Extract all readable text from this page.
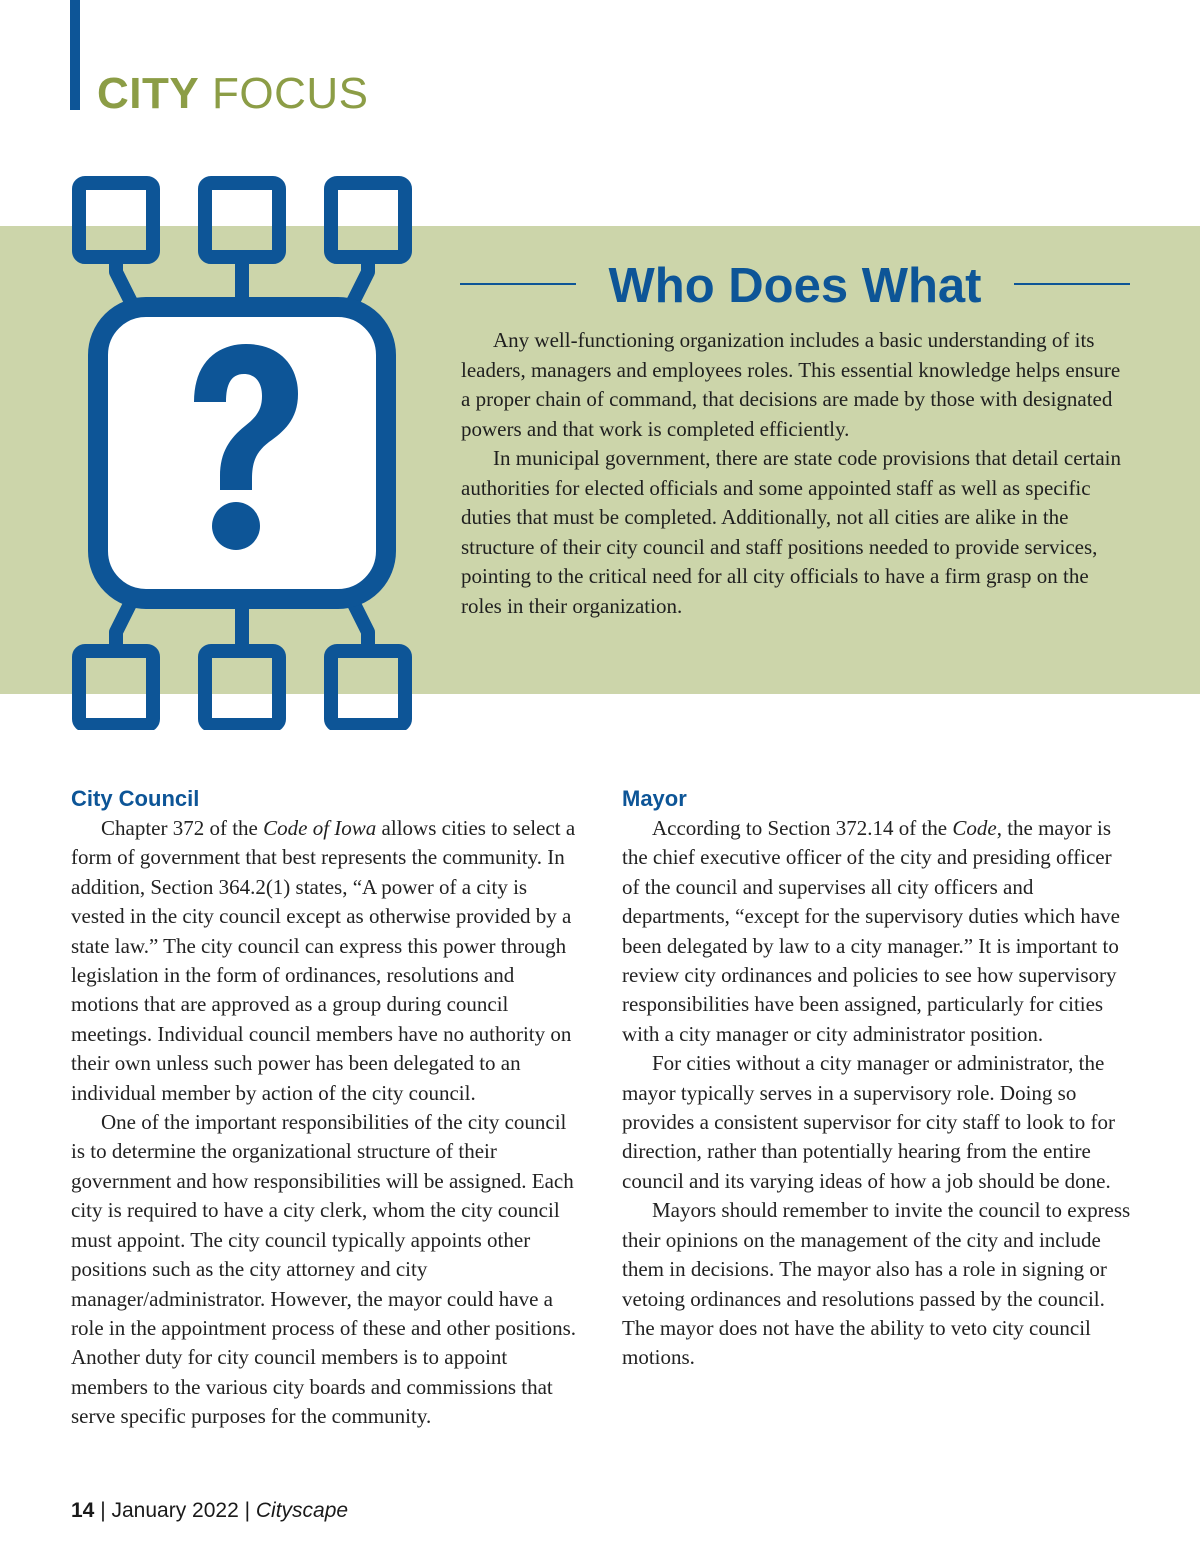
CITY FOCUS
Who Does What

Any well-functioning organization includes a basic understanding of its leaders, managers and employees roles. This essential knowledge helps ensure a proper chain of command, that decisions are made by those with designated powers and that work is completed efficiently.

In municipal government, there are state code provisions that detail certain authorities for elected officials and some appointed staff as well as specific duties that must be completed. Additionally, not all cities are alike in the structure of their city council and staff positions needed to provide services, pointing to the critical need for all city officials to have a firm grasp on the roles in their organization.

City Council

Chapter 372 of the Code of Iowa allows cities to select a form of government that best represents the community. In addition, Section 364.2(1) states, “A power of a city is vested in the city council except as otherwise provided by a state law.” The city council can express this power through legislation in the form of ordinances, resolutions and motions that are approved as a group during council meetings. Individual council members have no authority on their own unless such power has been delegated to an individual member by action of the city council.

One of the important responsibilities of the city council is to determine the organizational structure of their government and how responsibilities will be assigned. Each city is required to have a city clerk, whom the city council must appoint. The city council typically appoints other positions such as the city attorney and city manager/administrator. However, the mayor could have a role in the appointment process of these and other positions. Another duty for city council members is to appoint members to the various city boards and commissions that serve specific purposes for the community.

Mayor

According to Section 372.14 of the Code, the mayor is the chief executive officer of the city and presiding officer of the council and supervises all city officers and departments, “except for the supervisory duties which have been delegated by law to a city manager.” It is important to review city ordinances and policies to see how supervisory responsibilities have been assigned, particularly for cities with a city manager or city administrator position.

For cities without a city manager or administrator, the mayor typically serves in a supervisory role. Doing so provides a consistent supervisor for city staff to look to for direction, rather than potentially hearing from the entire council and its varying ideas of how a job should be done.

Mayors should remember to invite the council to express their opinions on the management of the city and include them in decisions. The mayor also has a role in signing or vetoing ordinances and resolutions passed by the council. The mayor does not have the ability to veto city council motions.

14 | January 2022 | Cityscape
